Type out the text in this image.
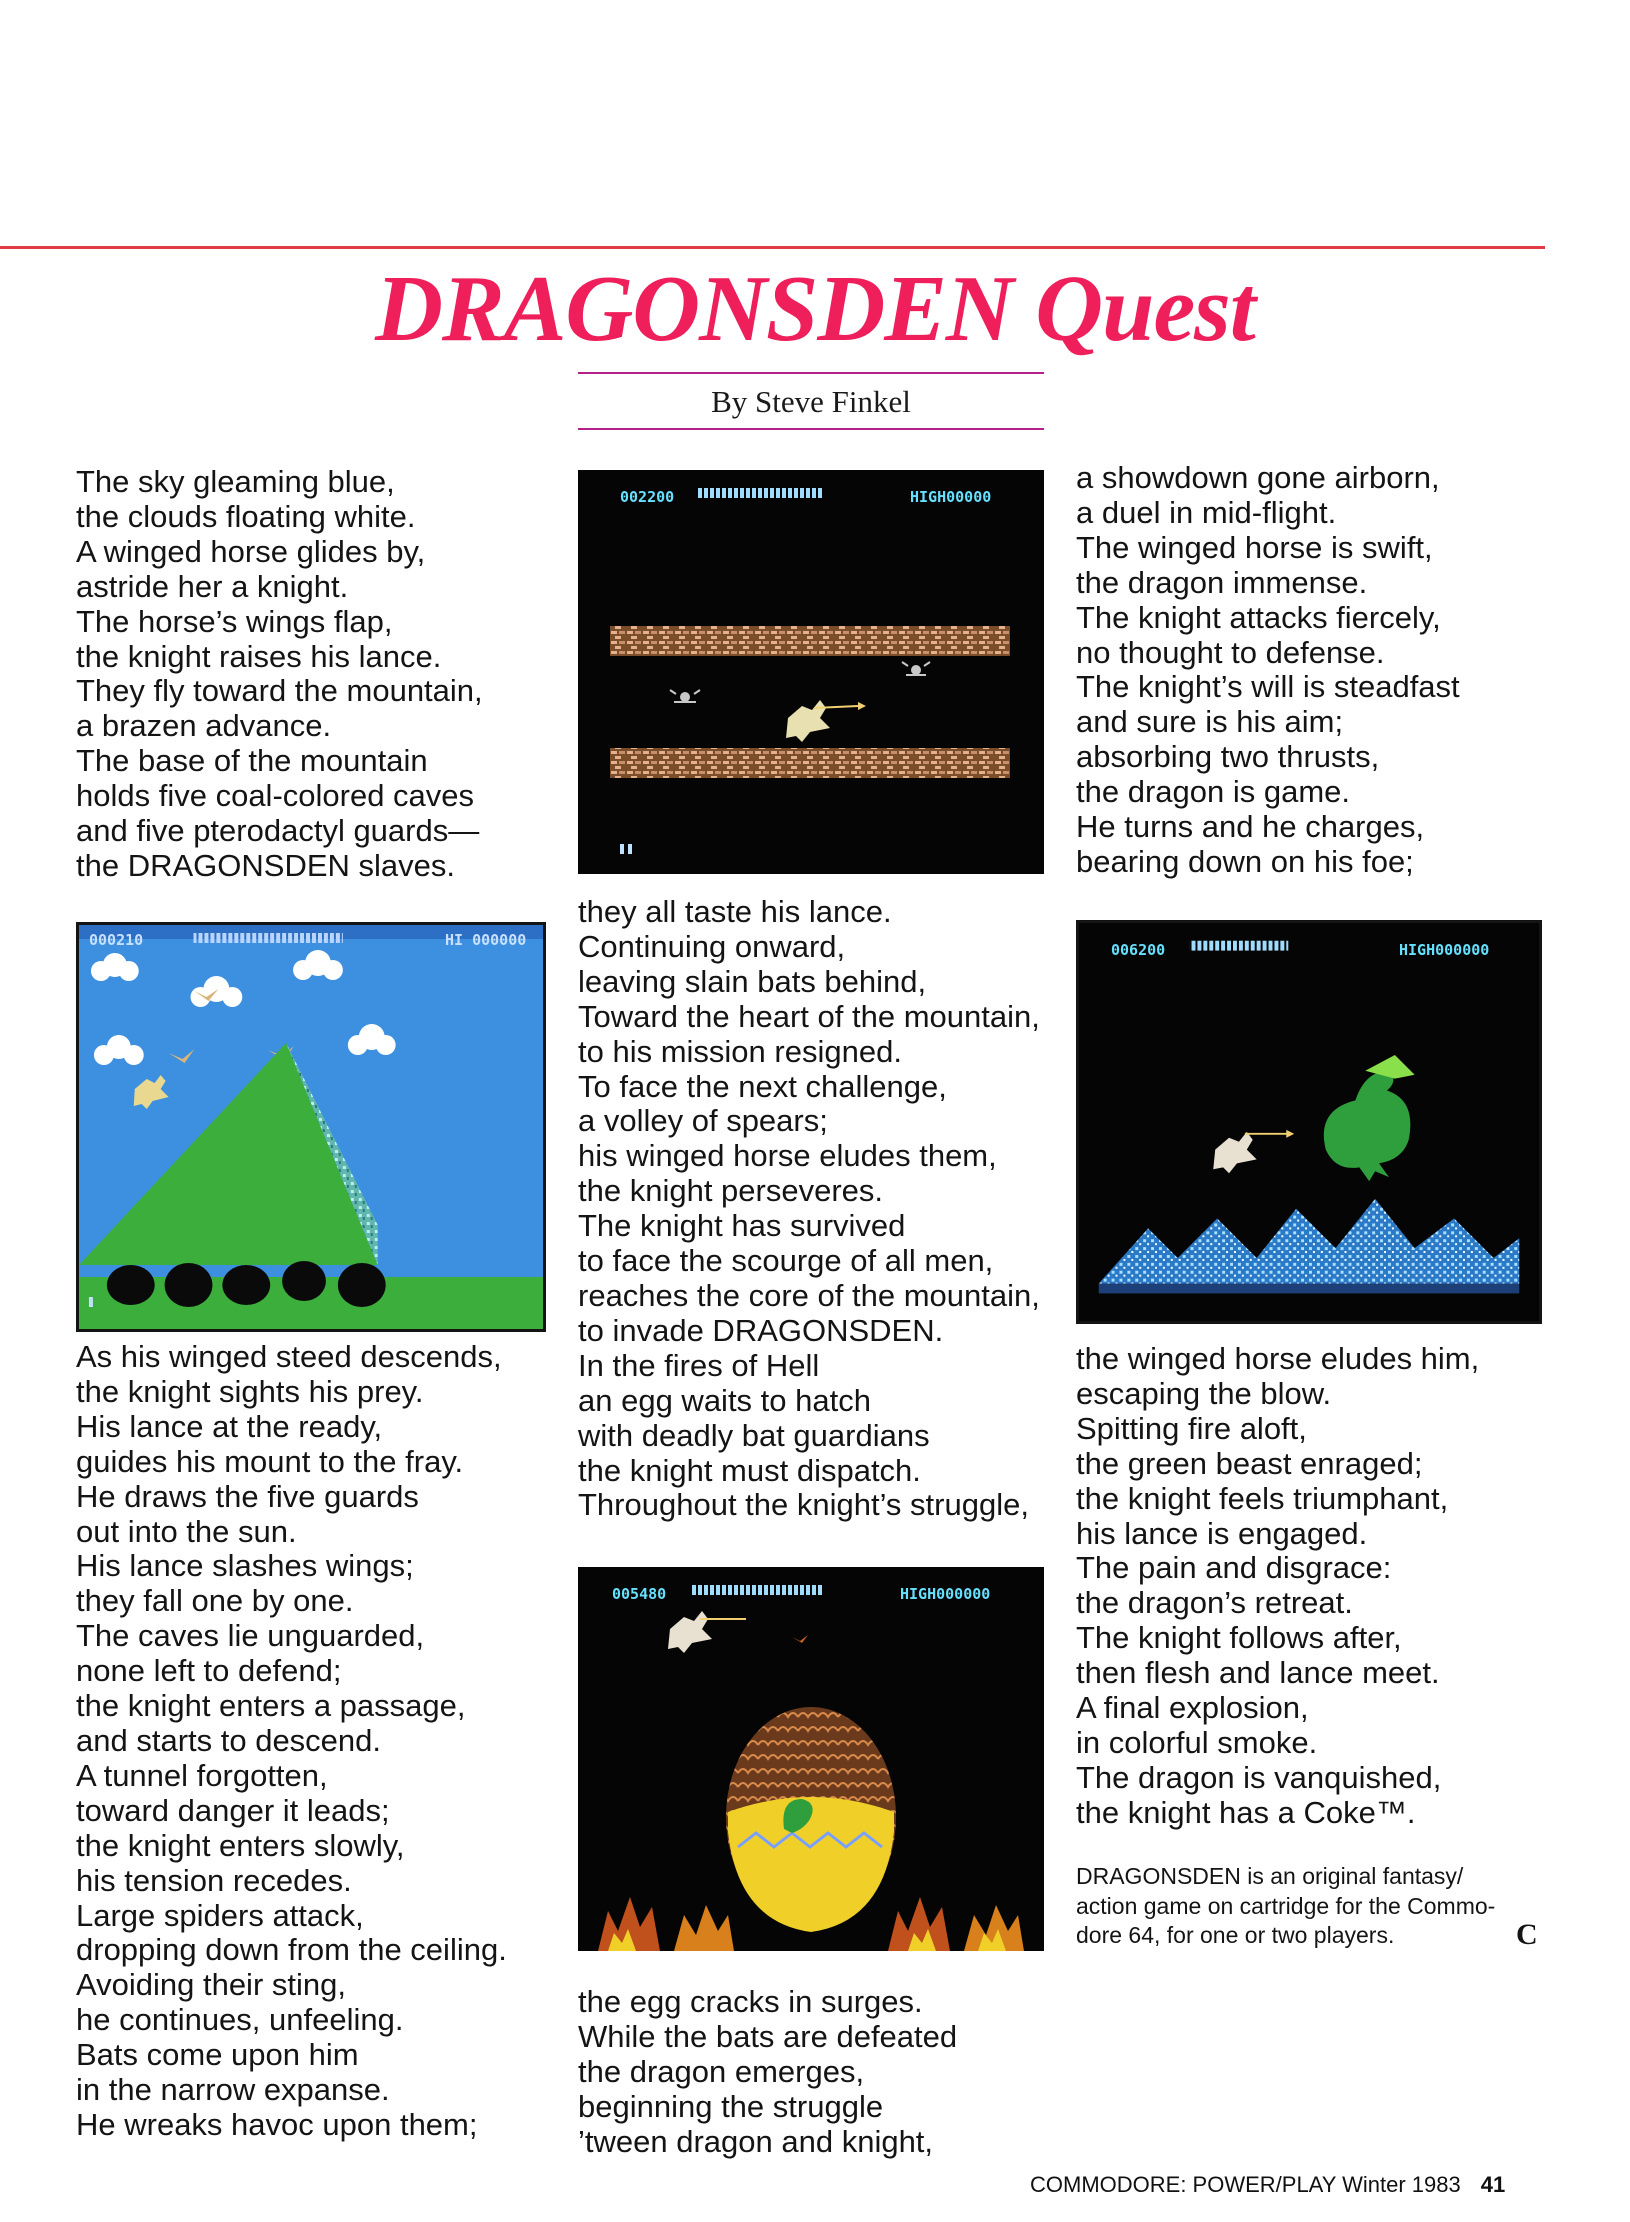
DRAGONSDEN Quest
By Steve Finkel
The sky gleaming blue,
the clouds floating white.
A winged horse glides by,
astride her a knight.
The horse’s wings flap,
the knight raises his lance.
They fly toward the mountain,
a brazen advance.
The base of the mountain
holds five coal-colored caves
and five pterodactyl guards—
the DRAGONSDEN slaves.
As his winged steed descends,
the knight sights his prey.
His lance at the ready,
guides his mount to the fray.
He draws the five guards
out into the sun.
His lance slashes wings;
they fall one by one.
The caves lie unguarded,
none left to defend;
the knight enters a passage,
and starts to descend.
A tunnel forgotten,
toward danger it leads;
the knight enters slowly,
his tension recedes.
Large spiders attack,
dropping down from the ceiling.
Avoiding their sting,
he continues, unfeeling.
Bats come upon him
in the narrow expanse.
He wreaks havoc upon them;
they all taste his lance.
Continuing onward,
leaving slain bats behind,
Toward the heart of the mountain,
to his mission resigned.
To face the next challenge,
a volley of spears;
his winged horse eludes them,
the knight perseveres.
The knight has survived
to face the scourge of all men,
reaches the core of the mountain,
to invade DRAGONSDEN.
In the fires of Hell
an egg waits to hatch
with deadly bat guardians
the knight must dispatch.
Throughout the knight’s struggle,
the egg cracks in surges.
While the bats are defeated
the dragon emerges,
beginning the struggle
’tween dragon and knight,
a showdown gone airborn,
a duel in mid-flight.
The winged horse is swift,
the dragon immense.
The knight attacks fiercely,
no thought to defense.
The knight’s will is steadfast
and sure is his aim;
absorbing two thrusts,
the dragon is game.
He turns and he charges,
bearing down on his foe;
the winged horse eludes him,
escaping the blow.
Spitting fire aloft,
the green beast enraged;
the knight feels triumphant,
his lance is engaged.
The pain and disgrace:
the dragon’s retreat.
The knight follows after,
then flesh and lance meet.
A final explosion,
in colorful smoke.
The dragon is vanquished,
the knight has a Coke™.
DRAGONSDEN is an original fantasy/
action game on cartridge for the Commo-
dore 64, for one or two players.	C
002200	HIGH00000
000210	HI 000000
005480	HIGH000000
006200	HIGH000000
COMMODORE: POWER/PLAY Winter 1983 41
